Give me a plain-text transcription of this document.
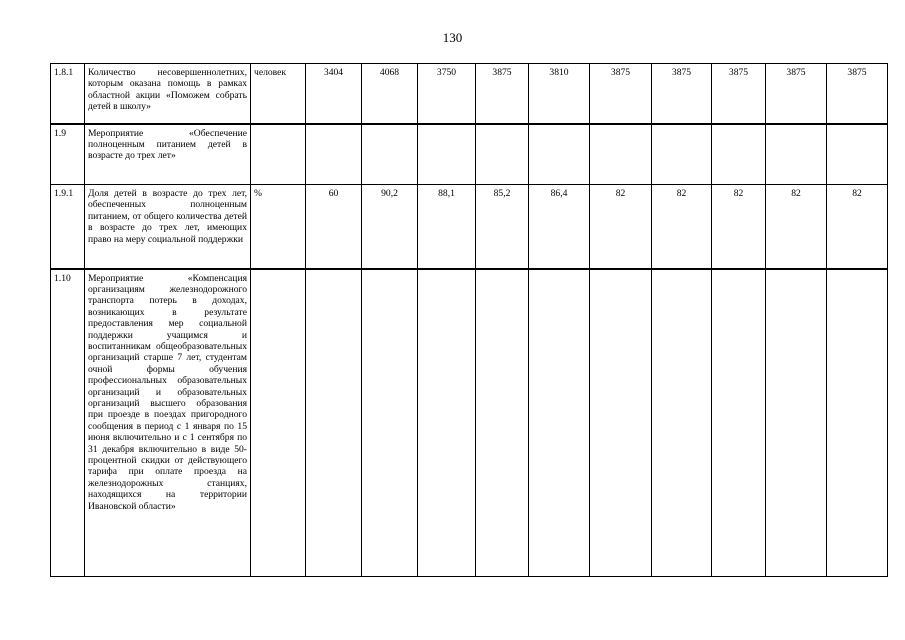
130
1.8.1	Количество несовершеннолетних, которым оказана помощь в рамках областной акции «Поможем собрать детей в школу»	человек	3404	4068	3750	3875	3810	3875	3875	3875	3875	3875
1.9	Мероприятие «Обеспечение полноценным питанием детей в возрасте до трех лет»											
1.9.1	Доля детей в возрасте до трех лет, обеспеченных полноценным питанием, от общего количества детей в возрасте до трех лет, имеющих право на меру социальной поддержки	%	60	90,2	88,1	85,2	86,4	82	82	82	82	82
1.10	Мероприятие «Компенсация организациям железнодорожного транспорта потерь в доходах, возникающих в результате предоставления мер социальной поддержки учащимся и воспитанникам общеобразовательных организаций старше 7 лет, студентам очной формы обучения профессиональных образовательных организаций и образовательных организаций высшего образования при проезде в поездах пригородного сообщения в период с 1 января по 15 июня включительно и с 1 сентября по 31 декабря включительно в виде 50-процентной скидки от действующего тарифа при оплате проезда на железнодорожных станциях, находящихся на территории Ивановской области»											
